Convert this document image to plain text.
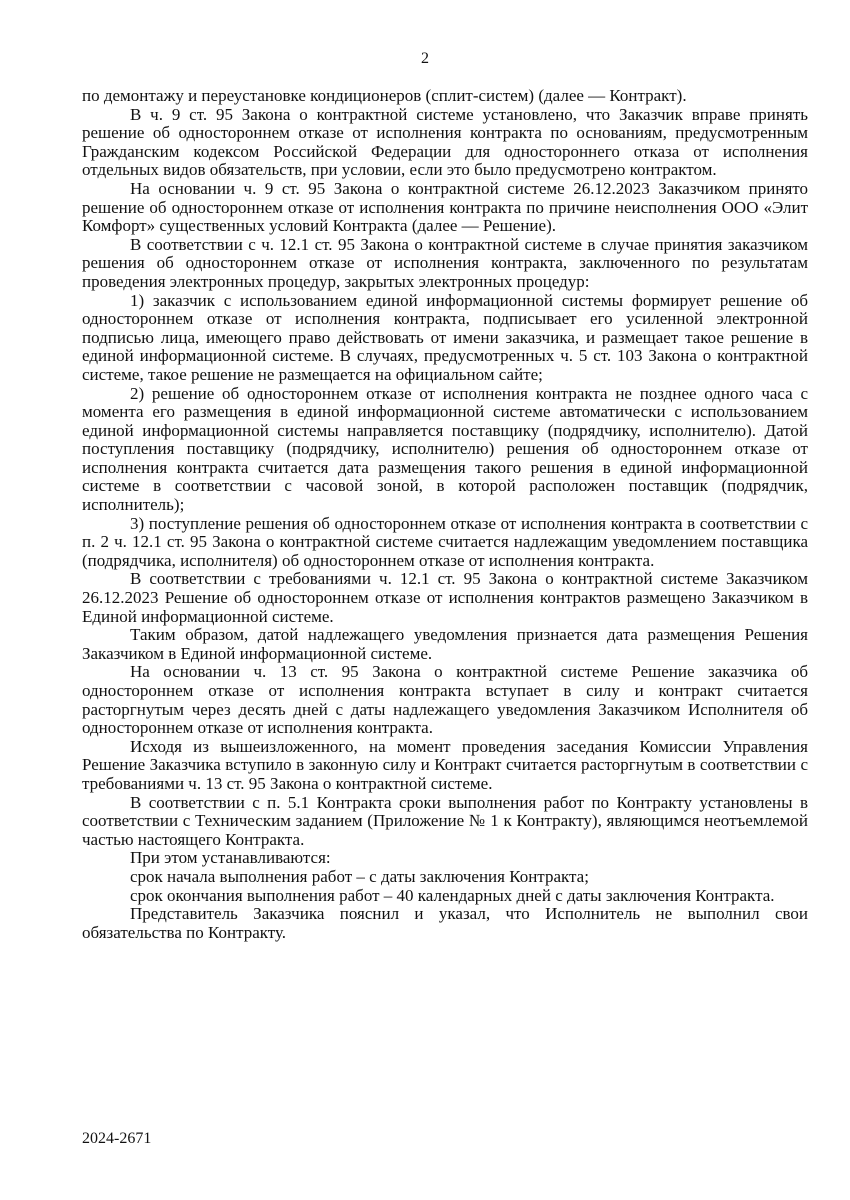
2

по демонтажу и переустановке кондиционеров (сплит-систем) (далее — Контракт).

В ч. 9 ст. 95 Закона о контрактной системе установлено, что Заказчик вправе принять решение об одностороннем отказе от исполнения контракта по основаниям, предусмотренным Гражданским кодексом Российской Федерации для одностороннего отказа от исполнения отдельных видов обязательств, при условии, если это было предусмотрено контрактом.

На основании ч. 9 ст. 95 Закона о контрактной системе 26.12.2023 Заказчиком принято решение об одностороннем отказе от исполнения контракта по причине неисполнения ООО «Элит Комфорт» существенных условий Контракта (далее — Решение).

В соответствии с ч. 12.1 ст. 95 Закона о контрактной системе в случае принятия заказчиком решения об одностороннем отказе от исполнения контракта, заключенного по результатам проведения электронных процедур, закрытых электронных процедур:

1) заказчик с использованием единой информационной системы формирует решение об одностороннем отказе от исполнения контракта, подписывает его усиленной электронной подписью лица, имеющего право действовать от имени заказчика, и размещает такое решение в единой информационной системе. В случаях, предусмотренных ч. 5 ст. 103 Закона о контрактной системе, такое решение не размещается на официальном сайте;

2) решение об одностороннем отказе от исполнения контракта не позднее одного часа с момента его размещения в единой информационной системе автоматически с использованием единой информационной системы направляется поставщику (подрядчику, исполнителю). Датой поступления поставщику (подрядчику, исполнителю) решения об одностороннем отказе от исполнения контракта считается дата размещения такого решения в единой информационной системе в соответствии с часовой зоной, в которой расположен поставщик (подрядчик, исполнитель);

3) поступление решения об одностороннем отказе от исполнения контракта в соответствии с п. 2 ч. 12.1 ст. 95 Закона о контрактной системе считается надлежащим уведомлением поставщика (подрядчика, исполнителя) об одностороннем отказе от исполнения контракта.

В соответствии с требованиями ч. 12.1 ст. 95 Закона о контрактной системе Заказчиком 26.12.2023 Решение об одностороннем отказе от исполнения контрактов размещено Заказчиком в Единой информационной системе.

Таким образом, датой надлежащего уведомления признается дата размещения Решения Заказчиком в Единой информационной системе.

На основании ч. 13 ст. 95 Закона о контрактной системе Решение заказчика об одностороннем отказе от исполнения контракта вступает в силу и контракт считается расторгнутым через десять дней с даты надлежащего уведомления Заказчиком Исполнителя об одностороннем отказе от исполнения контракта.

Исходя из вышеизложенного, на момент проведения заседания Комиссии Управления Решение Заказчика вступило в законную силу и Контракт считается расторгнутым в соответствии с требованиями ч. 13 ст. 95 Закона о контрактной системе.

В соответствии с п. 5.1 Контракта сроки выполнения работ по Контракту установлены в соответствии с Техническим заданием (Приложение № 1 к Контракту), являющимся неотъемлемой частью настоящего Контракта.

При этом устанавливаются:

срок начала выполнения работ – с даты заключения Контракта;

срок окончания выполнения работ – 40 календарных дней с даты заключения Контракта.

Представитель Заказчика пояснил и указал, что Исполнитель не выполнил свои обязательства по Контракту.

2024-2671
